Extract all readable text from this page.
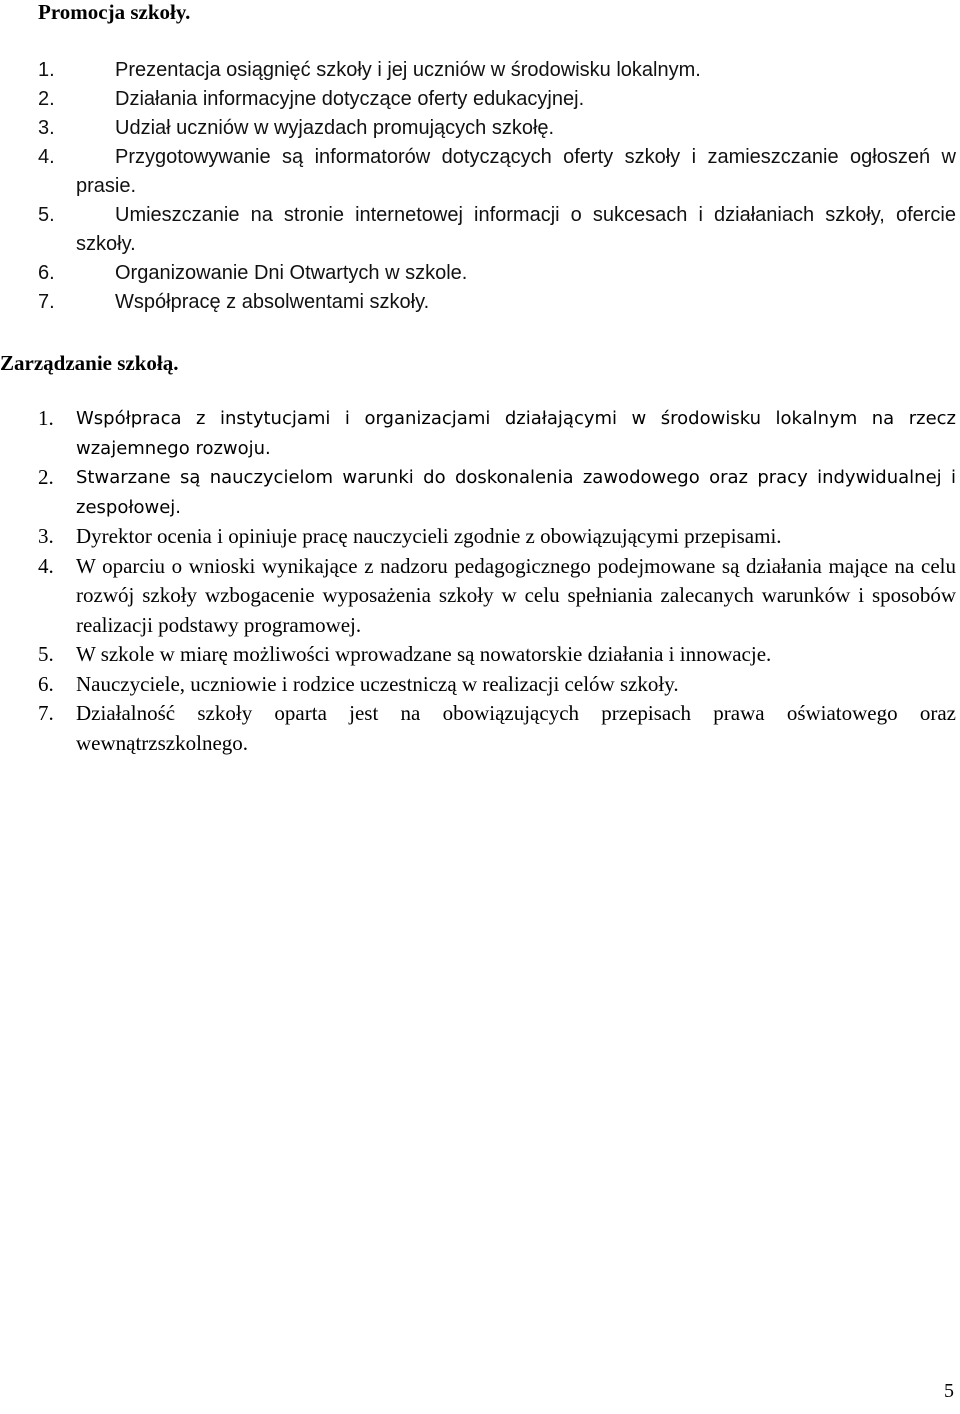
Promocja szkoły.
1.	Prezentacja osiągnięć szkoły i jej uczniów w środowisku lokalnym.
2.	Działania informacyjne dotyczące oferty edukacyjnej.
3.	Udział uczniów w wyjazdach promujących szkołę.
4.	Przygotowywanie są informatorów dotyczących oferty szkoły i zamieszczanie ogłoszeń w prasie.
5.	Umieszczanie na stronie internetowej informacji o sukcesach i działaniach szkoły, ofercie szkoły.
6.	Organizowanie Dni Otwartych w szkole.
7.	Współpracę z absolwentami szkoły.
Zarządzanie szkołą.
1. Współpraca z instytucjami i organizacjami działającymi w środowisku lokalnym na rzecz wzajemnego rozwoju.
2. Stwarzane są nauczycielom warunki do doskonalenia zawodowego oraz pracy indywidualnej i zespołowej.
3. Dyrektor ocenia i opiniuje pracę nauczycieli zgodnie z obowiązującymi przepisami.
4. W oparciu o wnioski wynikające z nadzoru pedagogicznego podejmowane są działania mające na celu rozwój szkoły wzbogacenie wyposażenia szkoły w celu spełniania zalecanych warunków i sposobów realizacji podstawy programowej.
5. W szkole w miarę możliwości wprowadzane są nowatorskie działania i innowacje.
6. Nauczyciele, uczniowie i rodzice uczestniczą w realizacji celów szkoły.
7. Działalność szkoły oparta jest na obowiązujących przepisach prawa oświatowego oraz wewnątrzszkolnego.
5
